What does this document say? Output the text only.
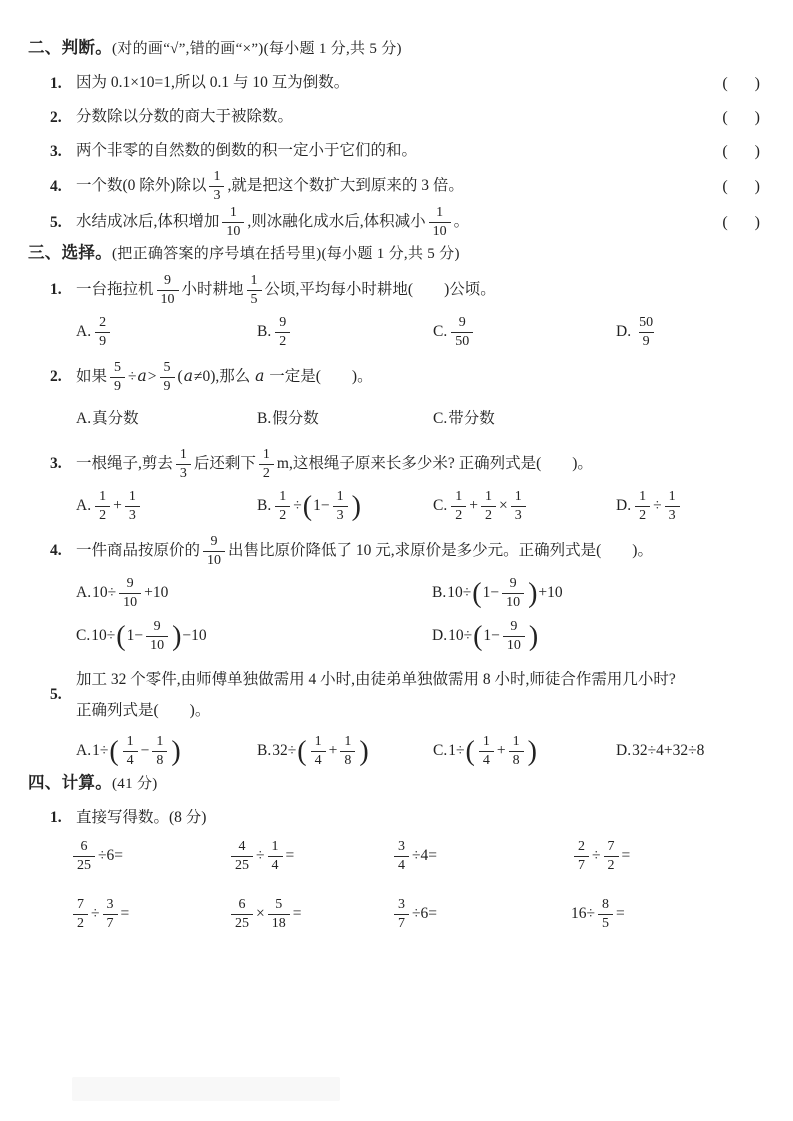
二、判断。(对的画“√”,错的画“×”)(每小题 1 分,共 5 分)
1. 因为 0.1×10=1,所以 0.1 与 10 互为倒数。	( )
2. 分数除以分数的商大于被除数。	( )
3. 两个非零的自然数的倒数的积一定小于它们的和。	( )
4. 一个数(0 除外)除以 $\frac{1}{3}$ ,就是把这个数扩大到原来的 3 倍。	( )
5. 水结成冰后,体积增加 $\frac{1}{10}$ ,则冰融化成水后,体积减小 $\frac{1}{10}$ 。	( )
三、选择。(把正确答案的序号填在括号里)(每小题 1 分,共 5 分)
1. 一台拖拉机 $\frac{9}{10}$ 小时耕地 $\frac{1}{5}$ 公顷,平均每小时耕地(　　)公顷。
A. $\frac{2}{9}$	B. $\frac{9}{2}$	C. $\frac{9}{50}$	D. $\frac{50}{9}$
2. 如果 $\frac{5}{9} \div a> \frac{5}{9} (a\ne 0)$,那么 a 一定是(　　)。
A. 真分数	B. 假分数	C. 带分数
3. 一根绳子,剪去 $\frac{1}{3}$ 后还剩下 $\frac{1}{2} m$,这根绳子原来长多少米? 正确列式是(　　)。
A. $\frac{1}{2} + \frac{1}{3}$	B. $\frac{1}{2}$ ÷ ( $1- \frac{1}{3}$ )	C. $\frac{1}{2} + \frac{1}{2} \times \frac{1}{3}$	D. $\frac{1}{2} \div \frac{1}{3}$
4. 一件商品按原价的 $\frac{9}{10}$ 出售比原价降低了 10 元,求原价是多少元。正确列式是(　　)。
A. $10\div \frac{9}{10} +10$	B. 10÷ ( $1- \frac{9}{10}$ ) +10
C. 10÷ ( $1- \frac{9}{10}$ ) −10	D. 10÷ ( $1- \frac{9}{10}$ )
5.
加工 32 个零件,由师傅单独做需用 4 小时,由徒弟单独做需用 8 小时,师徒合作需用几小时?
正确列式是(　　)。
A. 1÷ ( $\frac{1}{4} - \frac{1}{8}$ )	B. 32÷ ( $\frac{1}{4} + \frac{1}{8}$ )	C. 1÷ ( $\frac{1}{4} + \frac{1}{8}$ )	D. 32÷4+32÷8
四、计算。(41 分)
1. 直接写得数。(8 分)
$\frac{6}{25} \div 6=$	$\frac{4}{25} \div \frac{1}{4}$ =	$\frac{3}{4} \div 4=$	$\frac{2}{7} \div \frac{7}{2}$ =
$\frac{7}{2} \div \frac{3}{7}$ =	$\frac{6}{25} \times \frac{5}{18}$ =	$\frac{3}{7} \div 6=$	$16\div \frac{8}{5}$ =
